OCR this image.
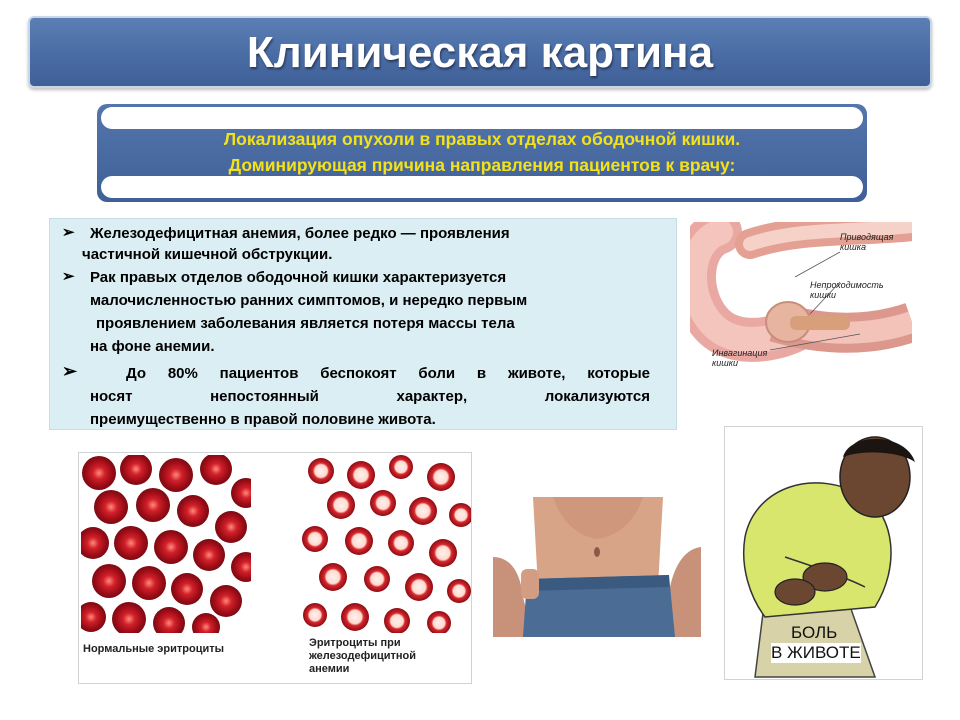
Клиническая картина
Локализация опухоли в правых отделах ободочной кишки.
Доминирующая причина направления пациентов к врачу:
➢ Железодефицитная анемия, более редко — проявления
частичной кишечной обструкции.
➢ Рак правых отделов ободочной кишки характеризуется
малочисленностью ранних симптомов, и нередко первым
проявлением заболевания является потеря массы тела
на фоне анемии.
➢	До 80% пациентов беспокоят боли в животе, которые
носят непостоянный характер, локализуются
преимущественно в правой половине живота.
Приводящая кишка
Непроходимость кишки
Инвагинация кишки
Нормальные эритроциты	Эритроциты при
железодефицитной
анемии
БОЛЬ
В ЖИВОТЕ
